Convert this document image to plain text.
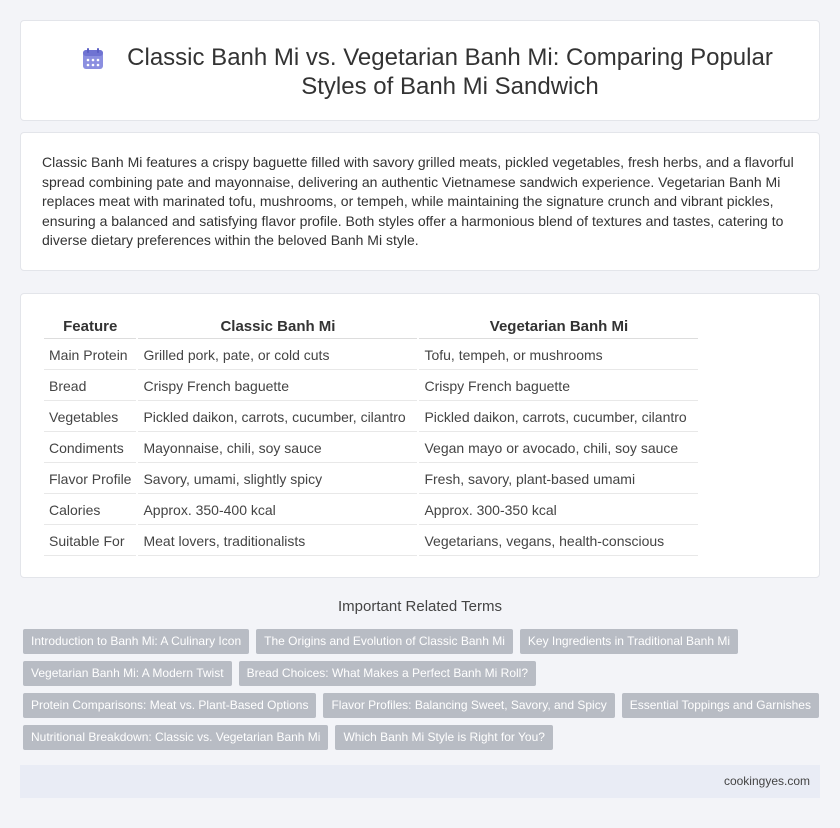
Classic Banh Mi vs. Vegetarian Banh Mi: Comparing Popular Styles of Banh Mi Sandwich

Classic Banh Mi features a crispy baguette filled with savory grilled meats, pickled vegetables, fresh herbs, and a flavorful spread combining pate and mayonnaise, delivering an authentic Vietnamese sandwich experience. Vegetarian Banh Mi replaces meat with marinated tofu, mushrooms, or tempeh, while maintaining the signature crunch and vibrant pickles, ensuring a balanced and satisfying flavor profile. Both styles offer a harmonious blend of textures and tastes, catering to diverse dietary preferences within the beloved Banh Mi style.

Feature	Classic Banh Mi	Vegetarian Banh Mi
Main Protein	Grilled pork, pate, or cold cuts	Tofu, tempeh, or mushrooms
Bread	Crispy French baguette	Crispy French baguette
Vegetables	Pickled daikon, carrots, cucumber, cilantro	Pickled daikon, carrots, cucumber, cilantro
Condiments	Mayonnaise, chili, soy sauce	Vegan mayo or avocado, chili, soy sauce
Flavor Profile	Savory, umami, slightly spicy	Fresh, savory, plant-based umami
Calories	Approx. 350-400 kcal	Approx. 300-350 kcal
Suitable For	Meat lovers, traditionalists	Vegetarians, vegans, health-conscious
Important Related Terms
Introduction to Banh Mi: A Culinary Icon	The Origins and Evolution of Classic Banh Mi	Key Ingredients in Traditional Banh Mi
Vegetarian Banh Mi: A Modern Twist	Bread Choices: What Makes a Perfect Banh Mi Roll?
Protein Comparisons: Meat vs. Plant-Based Options	Flavor Profiles: Balancing Sweet, Savory, and Spicy	Essential Toppings and Garnishes
Nutritional Breakdown: Classic vs. Vegetarian Banh Mi	Which Banh Mi Style is Right for You?
cookingyes.com
